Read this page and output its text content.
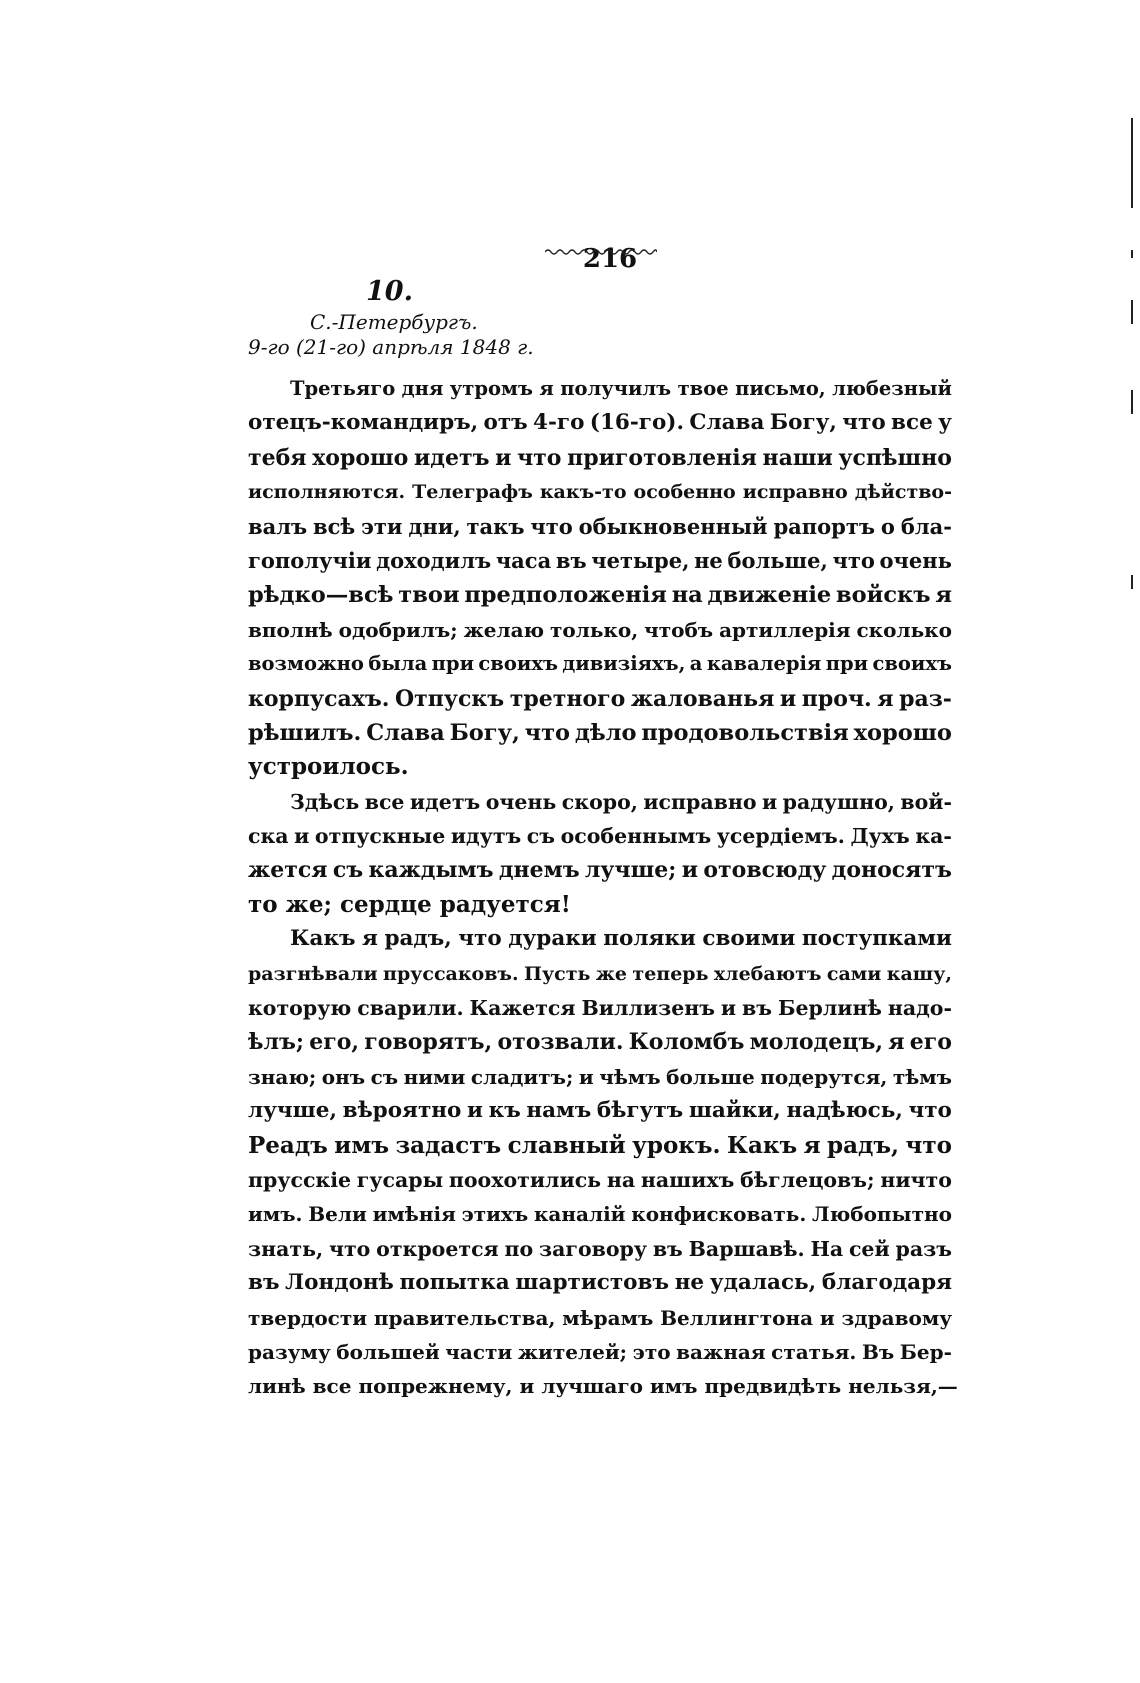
216
10.
С.-Петербургъ.
9-го (21-го) апрѣля 1848 г.
Третьяго дня утромъ я получилъ твое письмо, любезный
отецъ-командиръ, отъ 4-го (16-го). Слава Богу, что все у
тебя хорошо идетъ и что приготовленія наши успѣшно
исполняются. Телеграфъ какъ-то особенно исправно дѣйство-
валъ всѣ эти дни, такъ что обыкновенный рапортъ о бла-
гополучіи доходилъ часа въ четыре, не больше, что очень
рѣдко—всѣ твои предположенія на движеніе войскъ я
вполнѣ одобрилъ; желаю только, чтобъ артиллерія сколько
возможно была при своихъ дивизіяхъ, а кавалерія при своихъ
корпусахъ. Отпускъ третного жалованья и проч. я раз-
рѣшилъ. Слава Богу, что дѣло продовольствія хорошо
устроилось.
Здѣсь все идетъ очень скоро, исправно и радушно, вой-
ска и отпускные идутъ съ особеннымъ усердіемъ. Духъ ка-
жется съ каждымъ днемъ лучше; и отовсюду доносятъ
то же; сердце радуется!
Какъ я радъ, что дураки поляки своими поступками
разгнѣвали пруссаковъ. Пусть же теперь хлебаютъ сами кашу,
которую сварили. Кажется Виллизенъ и въ Берлинѣ надо-
ѣлъ; его, говорятъ, отозвали. Коломбъ молодецъ, я его
знаю; онъ съ ними сладитъ; и чѣмъ больше подерутся, тѣмъ
лучше, вѣроятно и къ намъ бѣгутъ шайки, надѣюсь, что
Реадъ имъ задастъ славный урокъ. Какъ я радъ, что
прусскіе гусары поохотились на нашихъ бѣглецовъ; ничто
имъ. Вели имѣнія этихъ каналій конфисковать. Любопытно
знать, что откроется по заговору въ Варшавѣ. На сей разъ
въ Лондонѣ попытка шартистовъ не удалась, благодаря
твердости правительства, мѣрамъ Веллингтона и здравому
разуму большей части жителей; это важная статья. Въ Бер-
линѣ все попрежнему, и лучшаго имъ предвидѣть нельзя,—
